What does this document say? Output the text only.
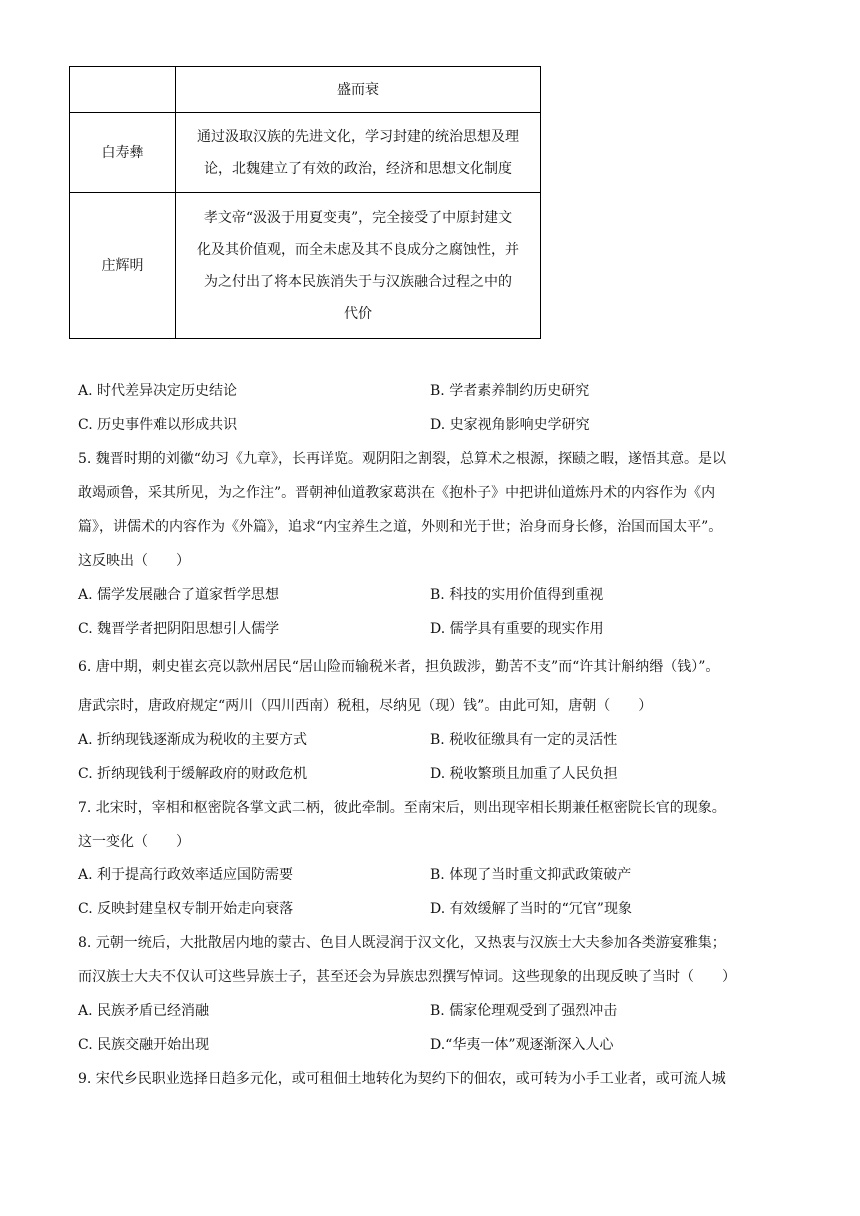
	盛而衰
白寿彝	通过汲取汉族的先进文化，学习封建的统治思想及理
论，北魏建立了有效的政治，经济和思想文化制度

庄辉明	孝文帝“汲汲于用夏变夷”，完全接受了中原封建文
化及其价值观，而全未虑及其不良成分之腐蚀性，并
为之付出了将本民族消失于与汉族融合过程之中的
代价
A. 时代差异决定历史结论	B. 学者素养制约历史研究
C. 历史事件难以形成共识	D. 史家视角影响史学研究
5. 魏晋时期的刘徽“幼习《九章》，长再详览。观阴阳之割裂，总算术之根源，探赜之暇，遂悟其意。是以
敢竭顽鲁，采其所见，为之作注”。晋朝神仙道教家葛洪在《抱朴子》中把讲仙道炼丹术的内容作为《内
篇》，讲儒术的内容作为《外篇》，追求“内宝养生之道，外则和光于世；治身而身长修，治国而国太平”。
这反映出（　　）
A. 儒学发展融合了道家哲学思想	B. 科技的实用价值得到重视
C. 魏晋学者把阴阳思想引人儒学	D. 儒学具有重要的现实作用
6. 唐中期，刺史崔玄亮以款州居民“居山险而输税米者，担负跋涉，勤苦不支”而“许其计斛纳缗（钱）”。
唐武宗时，唐政府规定“两川（四川西南）税租，尽纳见（现）钱”。由此可知，唐朝（　　）
A. 折纳现钱逐渐成为税收的主要方式	B. 税收征缴具有一定的灵活性
C. 折纳现钱利于缓解政府的财政危机	D. 税收繁琐且加重了人民负担
7. 北宋时，宰相和枢密院各掌文武二柄，彼此牵制。至南宋后，则出现宰相长期兼任枢密院长官的现象。
这一变化（　　）
A. 利于提高行政效率适应国防需要	B. 体现了当时重文抑武政策破产
C. 反映封建皇权专制开始走向衰落	D. 有效缓解了当时的“冗官”现象
8. 元朝一统后，大批散居内地的蒙古、色目人既浸润于汉文化，又热衷与汉族士大夫参加各类游宴雅集；
而汉族士大夫不仅认可这些异族士子，甚至还会为异族忠烈撰写悼词。这些现象的出现反映了当时（　　）
A. 民族矛盾已经消融	B. 儒家伦理观受到了强烈冲击
C. 民族交融开始出现	D.“华夷一体”观逐渐深入人心
9. 宋代乡民职业选择日趋多元化，或可租佃土地转化为契约下的佃农，或可转为小手工业者，或可流人城
